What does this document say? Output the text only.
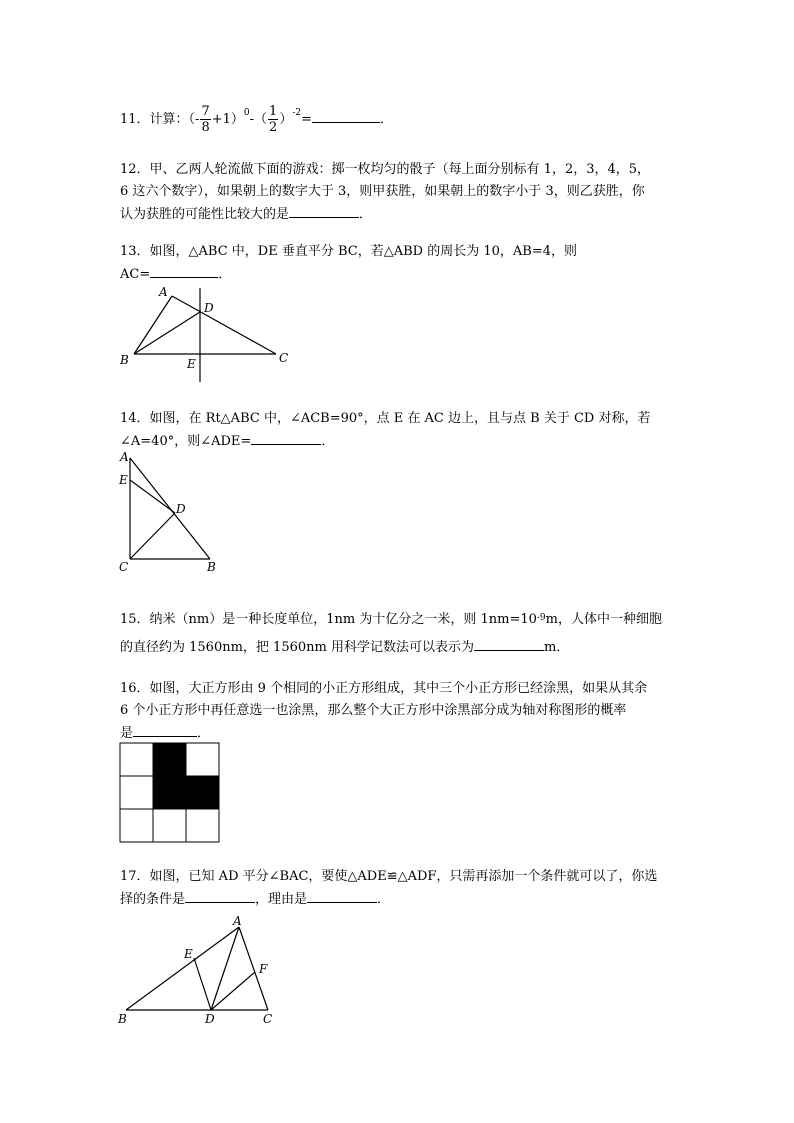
11．计算：（- $\frac{7}{8} +1)^0-( \frac{1}{2} )^{-2}=$	．
12．甲、乙两人轮流做下面的游戏：掷一枚均匀的骰子（每上面分别标有 1，2，3，4，5，
6 这六个数字），如果朝上的数字大于 3，则甲获胜，如果朝上的数字小于 3，则乙获胜，你
认为获胜的可能性比较大的是	．
13．如图，△ABC 中，DE 垂直平分 BC，若△ABD 的周长为 10，AB=4，则
AC=	．
A
D
B	E	C
14．如图，在 Rt△ABC 中，∠ACB=90°，点 E 在 AC 边上，且与点 B 关于 CD 对称，若
∠A=40°，则∠ADE=	．
A
E
D
C	B
15．纳米（nm）是一种长度单位，1nm 为十亿分之一米，则 $1nm=10^{-9}m$，人体中一种细胞
的直径约为 1560nm，把 1560nm 用科学记数法可以表示为	m．
16．如图，大正方形由 9 个相同的小正方形组成，其中三个小正方形已经涂黑，如果从其余
6 个小正方形中再任意选一也涂黑，那么整个大正方形中涂黑部分成为轴对称图形的概率
是	．
17．如图，已知 AD 平分∠BAC，要使△ADE≌△ADF，只需再添加一个条件就可以了，你选
择的条件是	，理由是	．
A
E
F
B	D	C
